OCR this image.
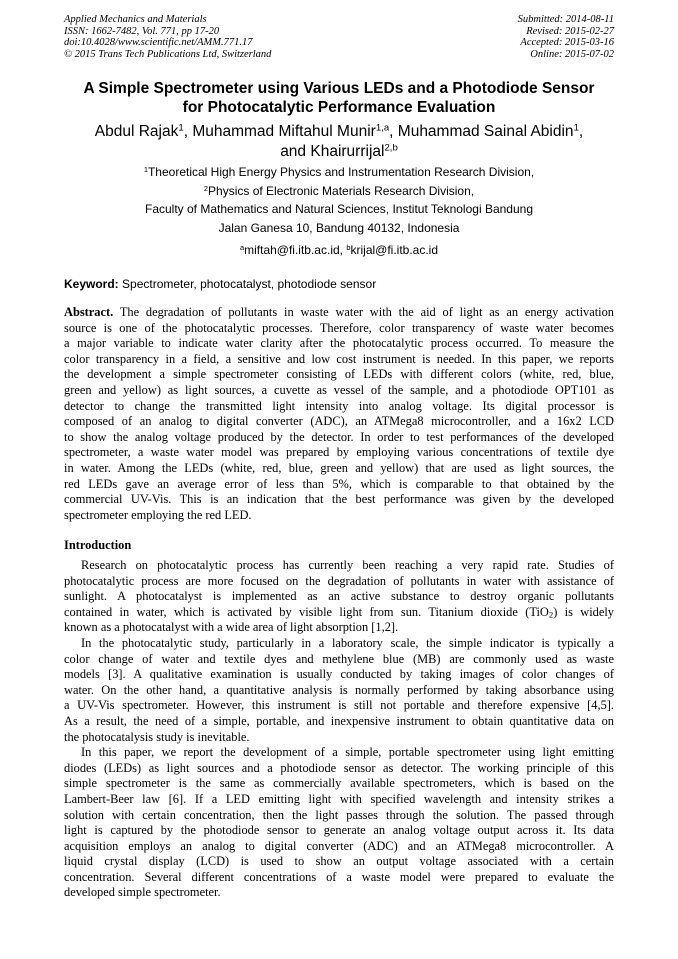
Applied Mechanics and Materials
ISSN: 1662-7482, Vol. 771, pp 17-20
doi:10.4028/www.scientific.net/AMM.771.17
© 2015 Trans Tech Publications Ltd, Switzerland
Submitted: 2014-08-11
Revised: 2015-02-27
Accepted: 2015-03-16
Online: 2015-07-02
A Simple Spectrometer using Various LEDs and a Photodiode Sensor
for Photocatalytic Performance Evaluation
Abdul Rajak$^1$, Muhammad Miftahul Munir$^{1,a}$, Muhammad Sainal Abidin$^1$,
and Khairurrijal$^{2,b}$
$^1$Theoretical High Energy Physics and Instrumentation Research Division,
$^2$Physics of Electronic Materials Research Division,
Faculty of Mathematics and Natural Sciences, Institut Teknologi Bandung
Jalan Ganesa 10, Bandung 40132, Indonesia
$^a$miftah@fi.itb.ac.id, $^b$krijal@fi.itb.ac.id
Keyword: Spectrometer, photocatalyst, photodiode sensor
Abstract. The degradation of pollutants in waste water with the aid of light as an energy activation
source is one of the photocatalytic processes. Therefore, color transparency of waste water becomes
a major variable to indicate water clarity after the photocatalytic process occurred. To measure the
color transparency in a field, a sensitive and low cost instrument is needed. In this paper, we reports
the development a simple spectrometer consisting of LEDs with different colors (white, red, blue,
green and yellow) as light sources, a cuvette as vessel of the sample, and a photodiode OPT101 as
detector to change the transmitted light intensity into analog voltage. Its digital processor is
composed of an analog to digital converter (ADC), an ATMega8 microcontroller, and a 16x2 LCD
to show the analog voltage produced by the detector. In order to test performances of the developed
spectrometer, a waste water model was prepared by employing various concentrations of textile dye
in water. Among the LEDs (white, red, blue, green and yellow) that are used as light sources, the
red LEDs gave an average error of less than 5%, which is comparable to that obtained by the
commercial UV-Vis. This is an indication that the best performance was given by the developed
spectrometer employing the red LED.
Introduction
Research on photocatalytic process has currently been reaching a very rapid rate. Studies of
photocatalytic process are more focused on the degradation of pollutants in water with assistance of
sunlight. A photocatalyst is implemented as an active substance to destroy organic pollutants
contained in water, which is activated by visible light from sun. Titanium dioxide (TiO$_2$) is widely
known as a photocatalyst with a wide area of light absorption [1,2].
In the photocatalytic study, particularly in a laboratory scale, the simple indicator is typically a
color change of water and textile dyes and methylene blue (MB) are commonly used as waste
models [3]. A qualitative examination is usually conducted by taking images of color changes of
water. On the other hand, a quantitative analysis is normally performed by taking absorbance using
a UV-Vis spectrometer. However, this instrument is still not portable and therefore expensive [4,5].
As a result, the need of a simple, portable, and inexpensive instrument to obtain quantitative data on
the photocatalysis study is inevitable.
In this paper, we report the development of a simple, portable spectrometer using light emitting
diodes (LEDs) as light sources and a photodiode sensor as detector. The working principle of this
simple spectrometer is the same as commercially available spectrometers, which is based on the
Lambert-Beer law [6]. If a LED emitting light with specified wavelength and intensity strikes a
solution with certain concentration, then the light passes through the solution. The passed through
light is captured by the photodiode sensor to generate an analog voltage output across it. Its data
acquisition employs an analog to digital converter (ADC) and an ATMega8 microcontroller. A
liquid crystal display (LCD) is used to show an output voltage associated with a certain
concentration. Several different concentrations of a waste model were prepared to evaluate the
developed simple spectrometer.
